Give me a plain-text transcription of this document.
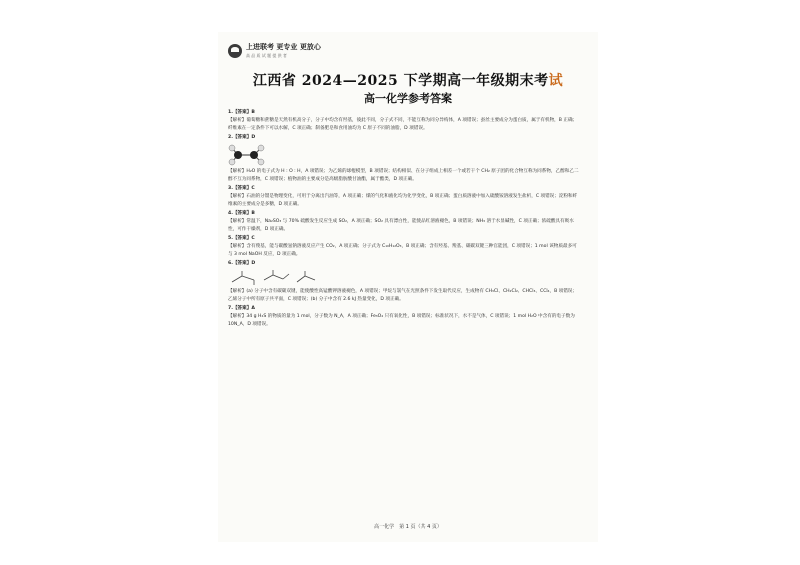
上进联考 更专业 更放心
高 品 质 试 题 提 供 者
江西省 2024—2025 下学期高一年级期末考试
高一化学参考答案
1.【答案】B
【解析】葡萄糖和蔗糖是天然有机高分子，分子中均含有羟基，彼此不同，分子式不同，不能互称为同分异构体，A 项错误；蚕丝主要成分为蛋白质，属于有机物，B 正确；纤维素在一定条件下可以水解，C 项正确；制备肥皂和食用油均为 C 原子不同的油脂，D 项错误。
2.【答案】D
【解析】H₂O 的电子式为 H : O : H，A 项错误；为乙烯的球棍模型，B 项错误；结构相似、在分子组成上相差一个或若干个 CH₂ 原子团的化合物互称为同系物，乙醇和乙二醇不互为同系物，C 项错误；植物油的主要成分是高级脂肪酸甘油酯，属于酯类，D 项正确。
3.【答案】C
【解析】石油的分馏是物理变化，可用于分离出汽油等，A 项正确；煤的气化和液化均为化学变化，B 项正确；蛋白质溶液中加入硫酸铵溶液发生盐析，C 项错误；淀粉和纤维素的主要成分是多糖，D 项正确。
4.【答案】B
【解析】常温下，Na₂SO₃ 与 70% 硫酸发生反应生成 SO₂，A 项正确；SO₂ 具有漂白性，能使品红溶液褪色，B 项错误；NH₃ 溶于水显碱性，C 项正确；浓硫酸具有吸水性，可作干燥剂，D 项正确。
5.【答案】C
【解析】含有羧基，能与碳酸氢钠溶液反应产生 CO₂，A 项正确；分子式为 C₁₀H₁₂O₃，B 项正确；含有羟基、羧基、碳碳双键三种官能团，C 项错误；1 mol 该物质最多可与 3 mol NaOH 反应，D 项正确。
6.【答案】D
【解析】(a) 分子中含有碳碳双键，能使酸性高锰酸钾溶液褪色，A 项错误；甲烷与氯气在光照条件下发生取代反应，生成物有 CH₃Cl、CH₂Cl₂、CHCl₃、CCl₄，B 项错误；乙烯分子中所有原子共平面，C 项错误；(b) 分子中含有 2.6 kJ 热量变化，D 项正确。
7.【答案】A
【解析】34 g H₂S 的物质的量为 1 mol，分子数为 N_A，A 项正确；Fe₃O₄ 只有氧化性，B 项错误；标准状况下，水不是气体，C 项错误；1 mol H₂O 中含有的电子数为 10N_A，D 项错误。
高一化学　第 1 页（共 4 页）
